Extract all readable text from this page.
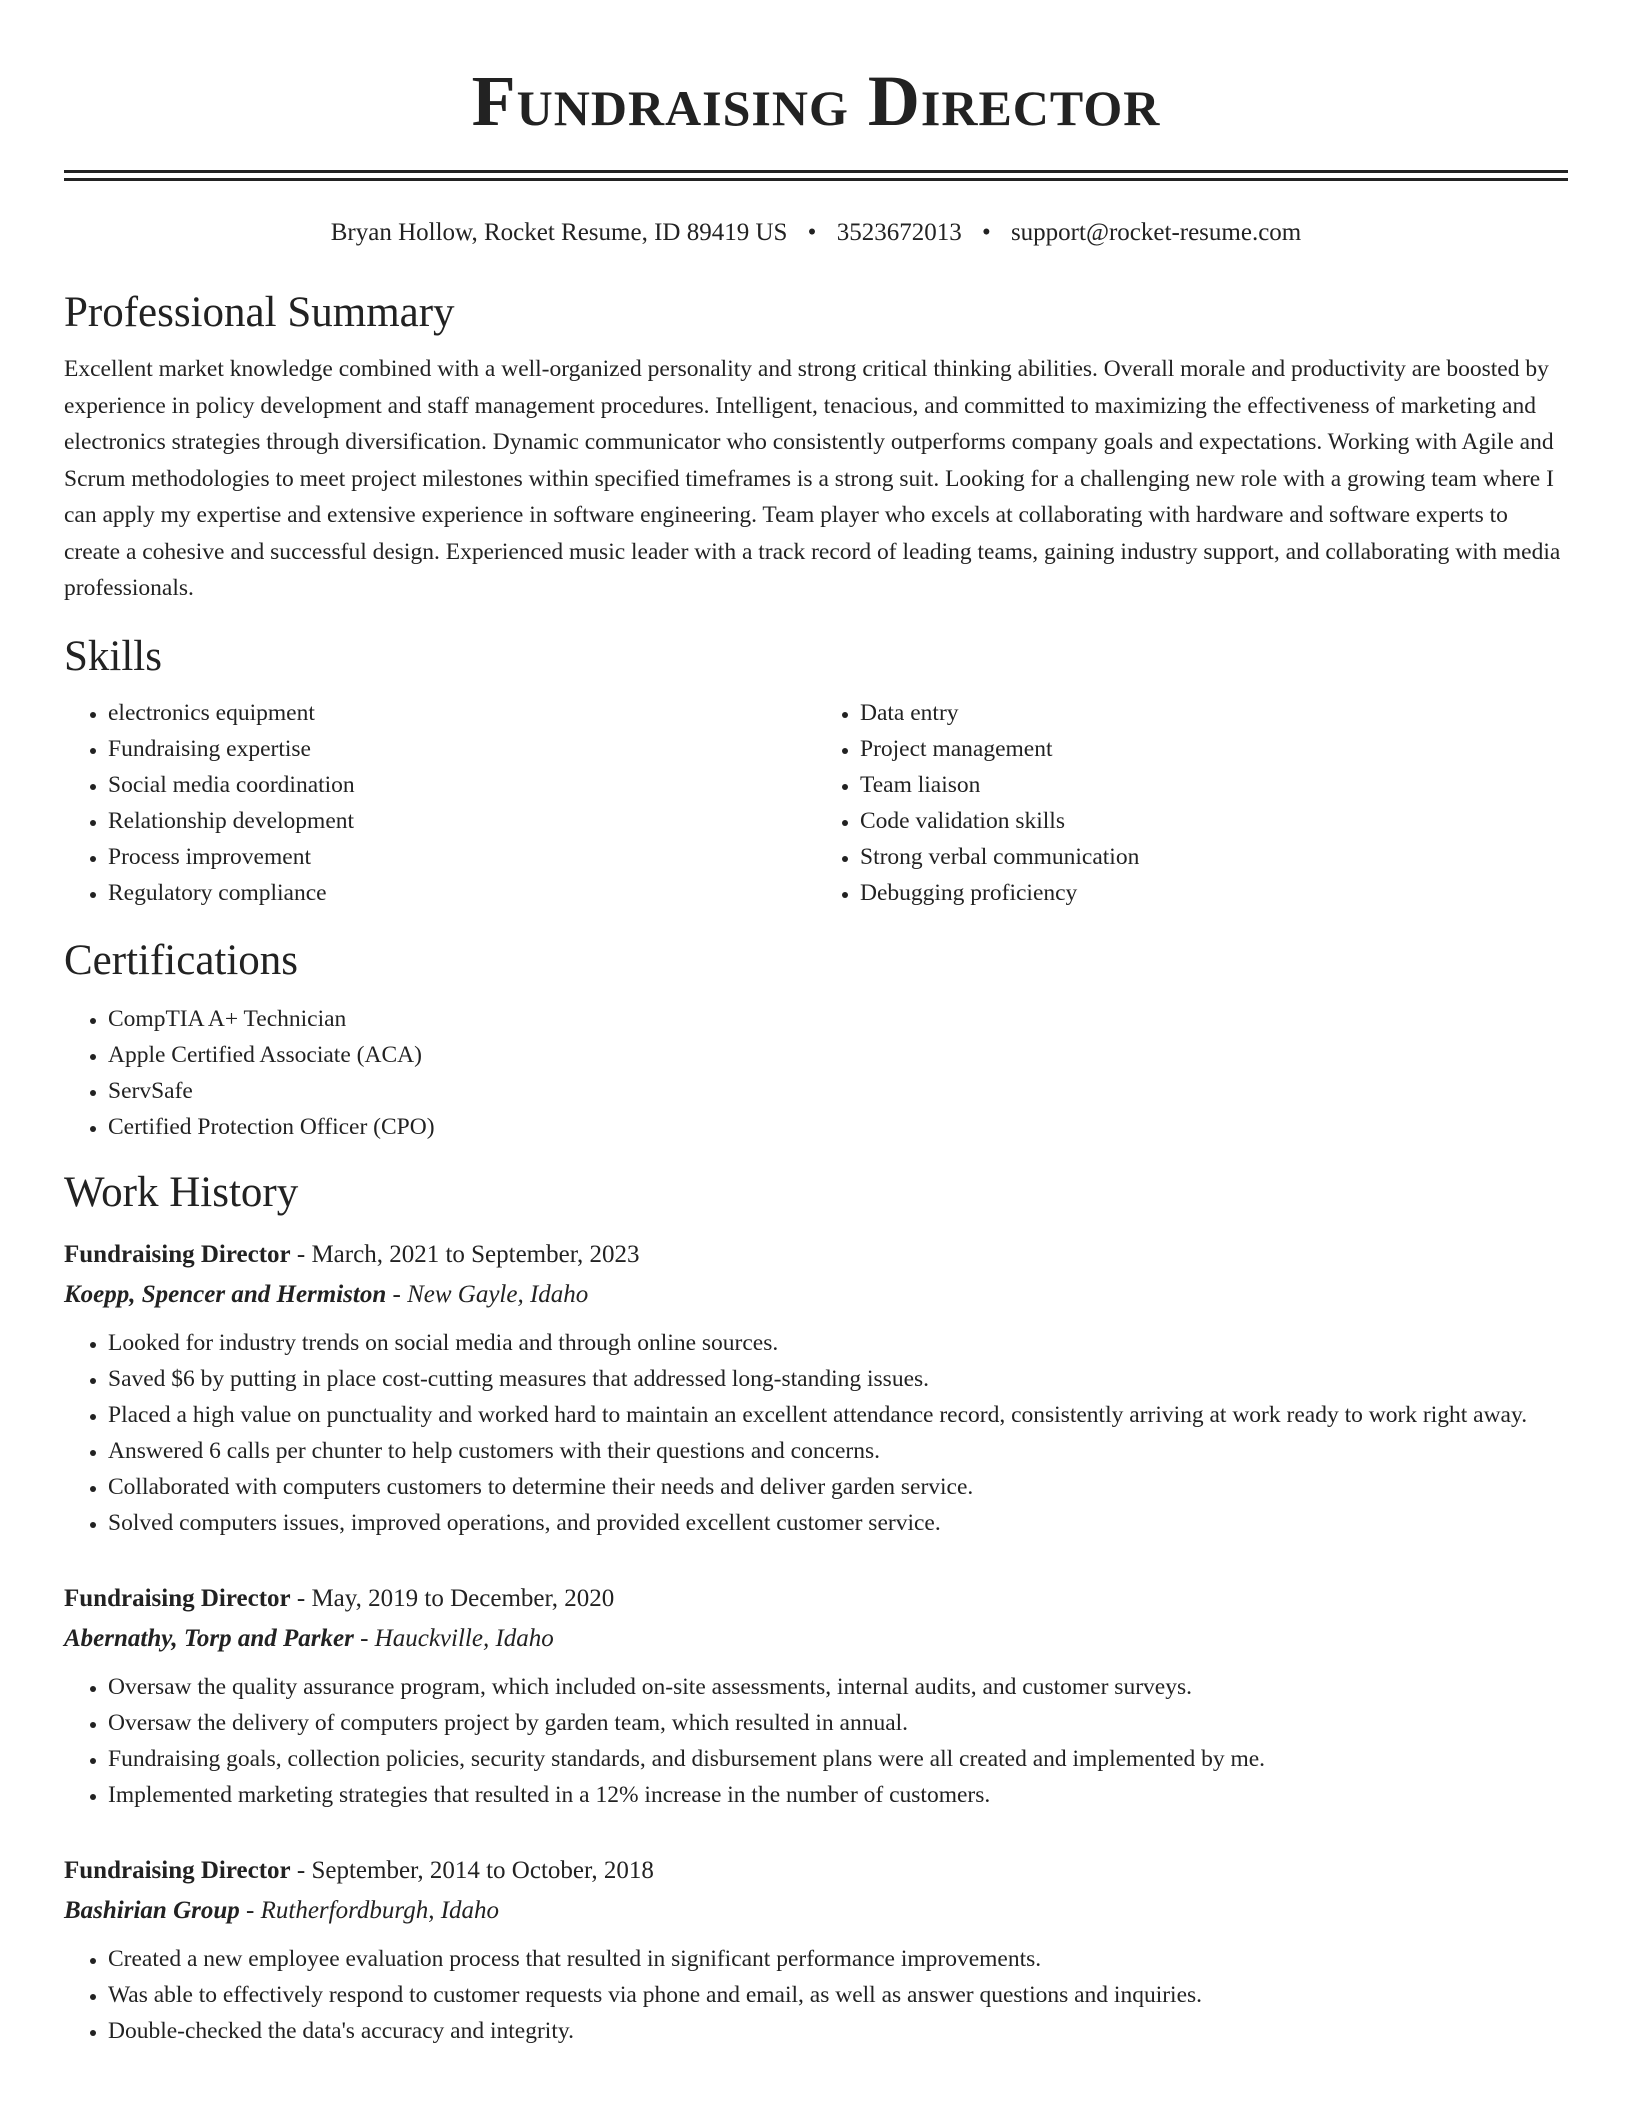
Fundraising Director
Bryan Hollow, Rocket Resume, ID 89419 US • 3523672013 • support@rocket-resume.com
Professional Summary

Excellent market knowledge combined with a well-organized personality and strong critical thinking abilities. Overall morale and productivity are boosted by experience in policy development and staff management procedures. Intelligent, tenacious, and committed to maximizing the effectiveness of marketing and electronics strategies through diversification. Dynamic communicator who consistently outperforms company goals and expectations. Working with Agile and Scrum methodologies to meet project milestones within specified timeframes is a strong suit. Looking for a challenging new role with a growing team where I can apply my expertise and extensive experience in software engineering. Team player who excels at collaborating with hardware and software experts to create a cohesive and successful design. Experienced music leader with a track record of leading teams, gaining industry support, and collaborating with media professionals.

Skills
• electronics equipment
• Fundraising expertise
• Social media coordination
• Relationship development
• Process improvement
• Regulatory compliance
• Data entry
• Project management
• Team liaison
• Code validation skills
• Strong verbal communication
• Debugging proficiency
Certifications
• CompTIA A+ Technician
• Apple Certified Associate (ACA)
• ServSafe
• Certified Protection Officer (CPO)
Work History
Fundraising Director - March, 2021 to September, 2023
Koepp, Spencer and Hermiston - New Gayle, Idaho
• Looked for industry trends on social media and through online sources.
• Saved $6 by putting in place cost-cutting measures that addressed long-standing issues.
• Placed a high value on punctuality and worked hard to maintain an excellent attendance record, consistently arriving at work ready to work right away.
• Answered 6 calls per chunter to help customers with their questions and concerns.
• Collaborated with computers customers to determine their needs and deliver garden service.
• Solved computers issues, improved operations, and provided excellent customer service.
Fundraising Director - May, 2019 to December, 2020
Abernathy, Torp and Parker - Hauckville, Idaho
• Oversaw the quality assurance program, which included on-site assessments, internal audits, and customer surveys.
• Oversaw the delivery of computers project by garden team, which resulted in annual.
• Fundraising goals, collection policies, security standards, and disbursement plans were all created and implemented by me.
• Implemented marketing strategies that resulted in a 12% increase in the number of customers.
Fundraising Director - September, 2014 to October, 2018
Bashirian Group - Rutherfordburgh, Idaho
• Created a new employee evaluation process that resulted in significant performance improvements.
• Was able to effectively respond to customer requests via phone and email, as well as answer questions and inquiries.
• Double-checked the data's accuracy and integrity.
